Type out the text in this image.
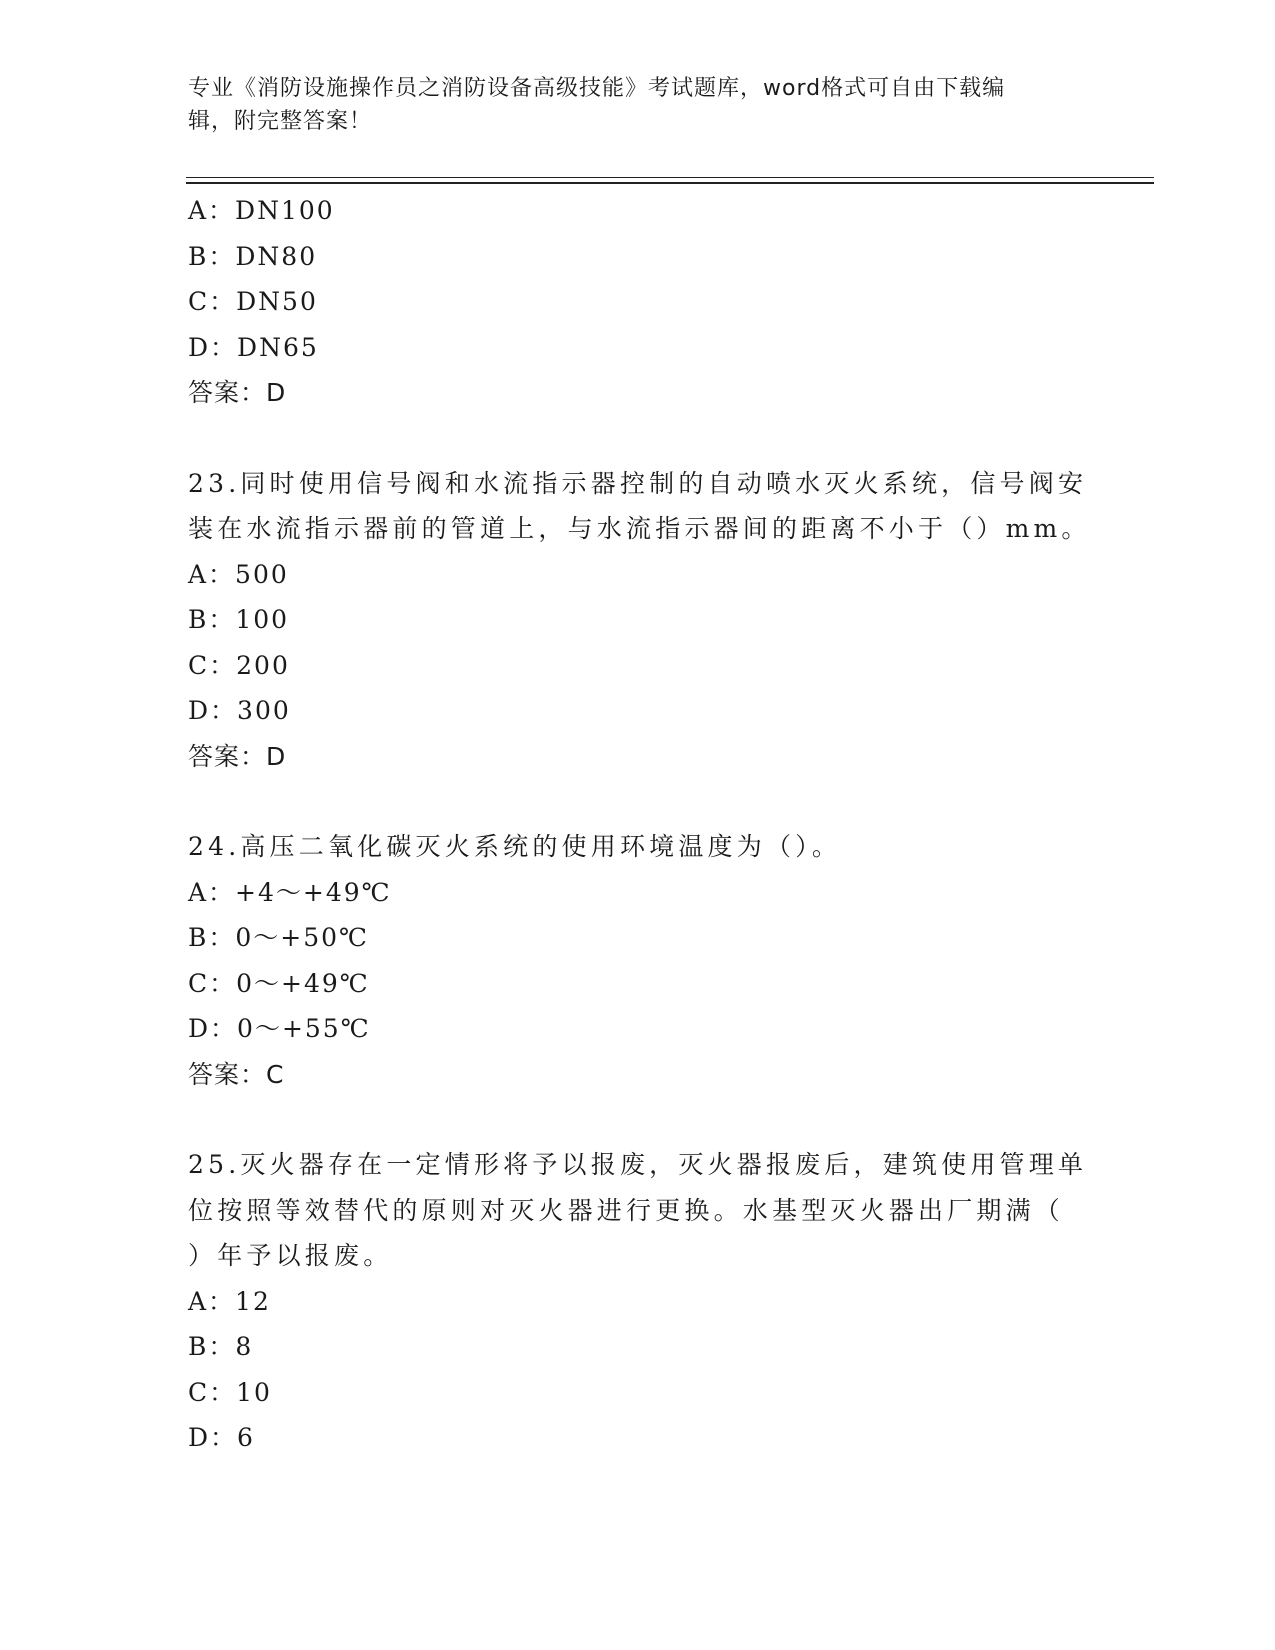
专业《消防设施操作员之消防设备高级技能》考试题库，word格式可自由下载编
辑，附完整答案！
A：DN100
B：DN80
C：DN50
D：DN65
答案：D
23.同时使用信号阀和水流指示器控制的自动喷水灭火系统，信号阀安
装在水流指示器前的管道上，与水流指示器间的距离不小于（）mm。
A：500
B：100
C：200
D：300
答案：D
24.高压二氧化碳灭火系统的使用环境温度为（）。
A：+4～+49℃
B：0～+50℃
C：0～+49℃
D：0～+55℃
答案：C
25.灭火器存在一定情形将予以报废，灭火器报废后，建筑使用管理单
位按照等效替代的原则对灭火器进行更换。水基型灭火器出厂期满（
）年予以报废。
A：12
B：8
C：10
D：6
